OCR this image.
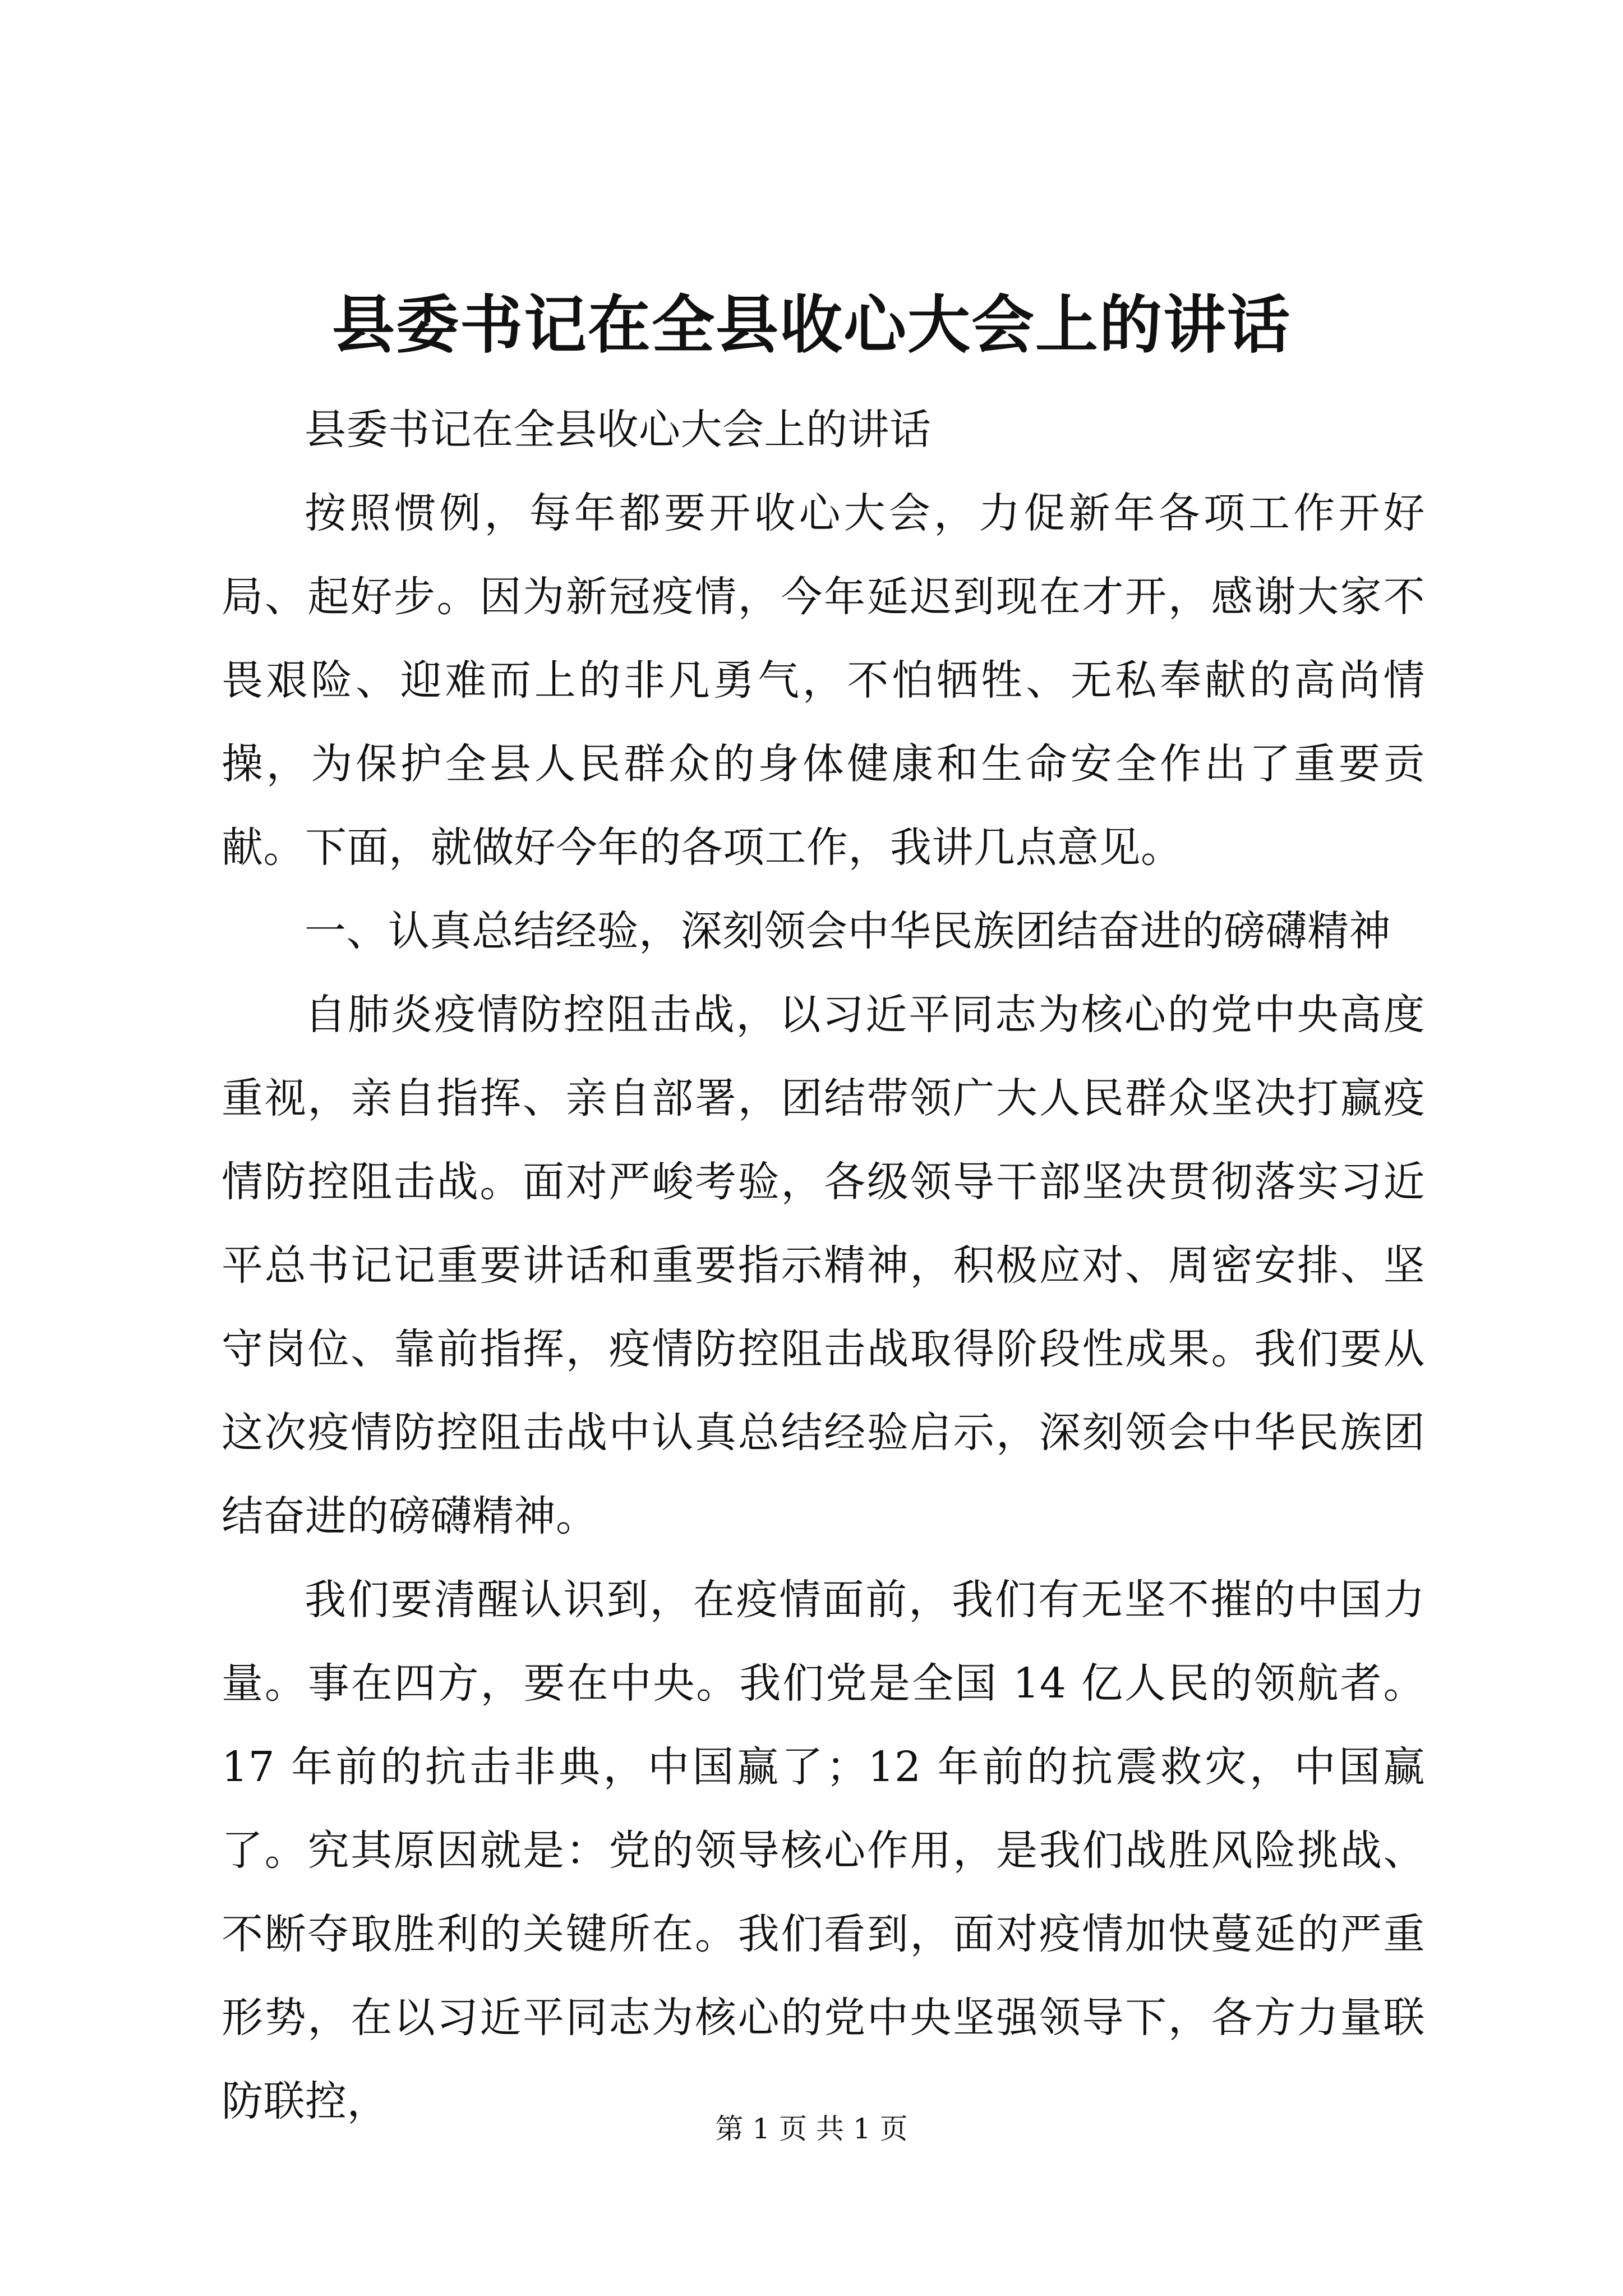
县委书记在全县收心大会上的讲话

县委书记在全县收心大会上的讲话

按照惯例，每年都要开收心大会，力促新年各项工作开好局、起好步。因为新冠疫情，今年延迟到现在才开，感谢大家不畏艰险、迎难而上的非凡勇气，不怕牺牲、无私奉献的高尚情操，为保护全县人民群众的身体健康和生命安全作出了重要贡献。下面，就做好今年的各项工作，我讲几点意见。

一、认真总结经验，深刻领会中华民族团结奋进的磅礴精神

自肺炎疫情防控阻击战，以习近平同志为核心的党中央高度重视，亲自指挥、亲自部署，团结带领广大人民群众坚决打赢疫情防控阻击战。面对严峻考验，各级领导干部坚决贯彻落实习近平总书记记重要讲话和重要指示精神，积极应对、周密安排、坚守岗位、靠前指挥，疫情防控阻击战取得阶段性成果。我们要从这次疫情防控阻击战中认真总结经验启示，深刻领会中华民族团结奋进的磅礴精神。

我们要清醒认识到，在疫情面前，我们有无坚不摧的中国力量。事在四方，要在中央。我们党是全国 14 亿人民的领航者。17 年前的抗击非典，中国赢了；12 年前的抗震救灾，中国赢了。究其原因就是：党的领导核心作用，是我们战胜风险挑战、不断夺取胜利的关键所在。我们看到，面对疫情加快蔓延的严重形势，在以习近平同志为核心的党中央坚强领导下，各方力量联防联控，

第 1 页 共 1 页
